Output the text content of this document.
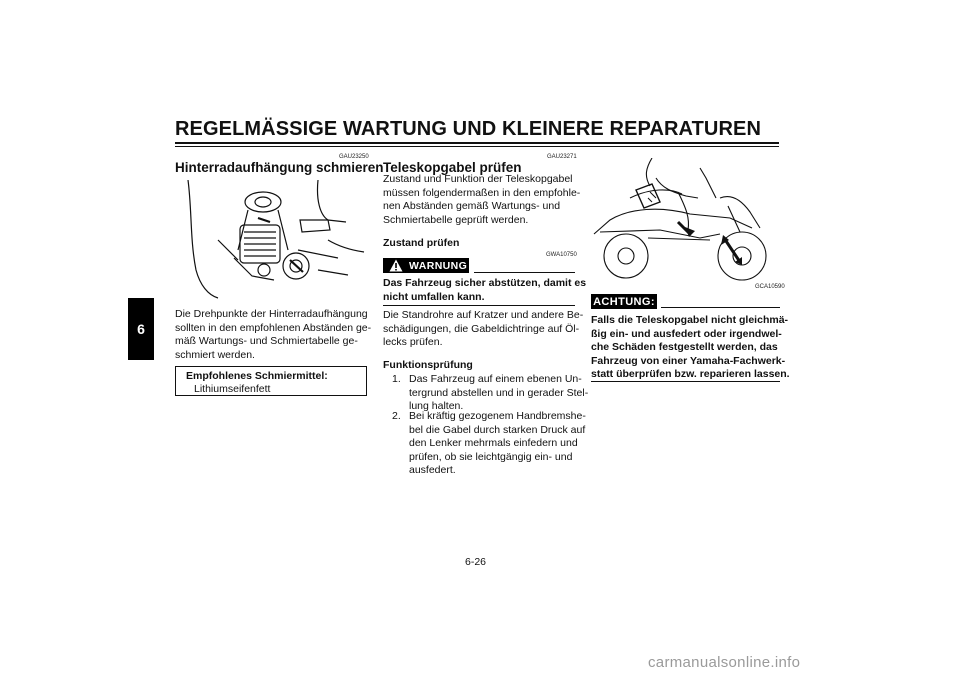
REGELMÄSSIGE WARTUNG UND KLEINERE REPARATUREN
6
GAU23250
Hinterradaufhängung schmieren

Die Drehpunkte der Hinterradaufhängung

sollten in den empfohlenen Abständen ge-

mäß Wartungs- und Schmiertabelle ge-

schmiert werden.

Empfohlenes Schmiermittel:
Lithiumseifenfett
GAU23271
Teleskopgabel prüfen

Zustand und Funktion der Teleskopgabel

müssen folgendermaßen in den empfohle-

nen Abständen gemäß Wartungs- und

Schmiertabelle geprüft werden.

Zustand prüfen

GWA10750
WARNUNG

Das Fahrzeug sicher abstützen, damit es

nicht umfallen kann.

Die Standrohre auf Kratzer und andere Be-

schädigungen, die Gabeldichtringe auf Öl-

lecks prüfen.

Funktionsprüfung

1. Das Fahrzeug auf einem ebenen Un-

tergrund abstellen und in gerader Stel-

lung halten.

2. Bei kräftig gezogenem Handbremshe-

bel die Gabel durch starken Druck auf

den Lenker mehrmals einfedern und

prüfen, ob sie leichtgängig ein- und

ausfedert.

GCA10590
ACHTUNG:

Falls die Teleskopgabel nicht gleichmä-

ßig ein- und ausfedert oder irgendwel-

che Schäden festgestellt werden, das

Fahrzeug von einer Yamaha-Fachwerk-

statt überprüfen bzw. reparieren lassen.

6-26
carmanualsonline.info
